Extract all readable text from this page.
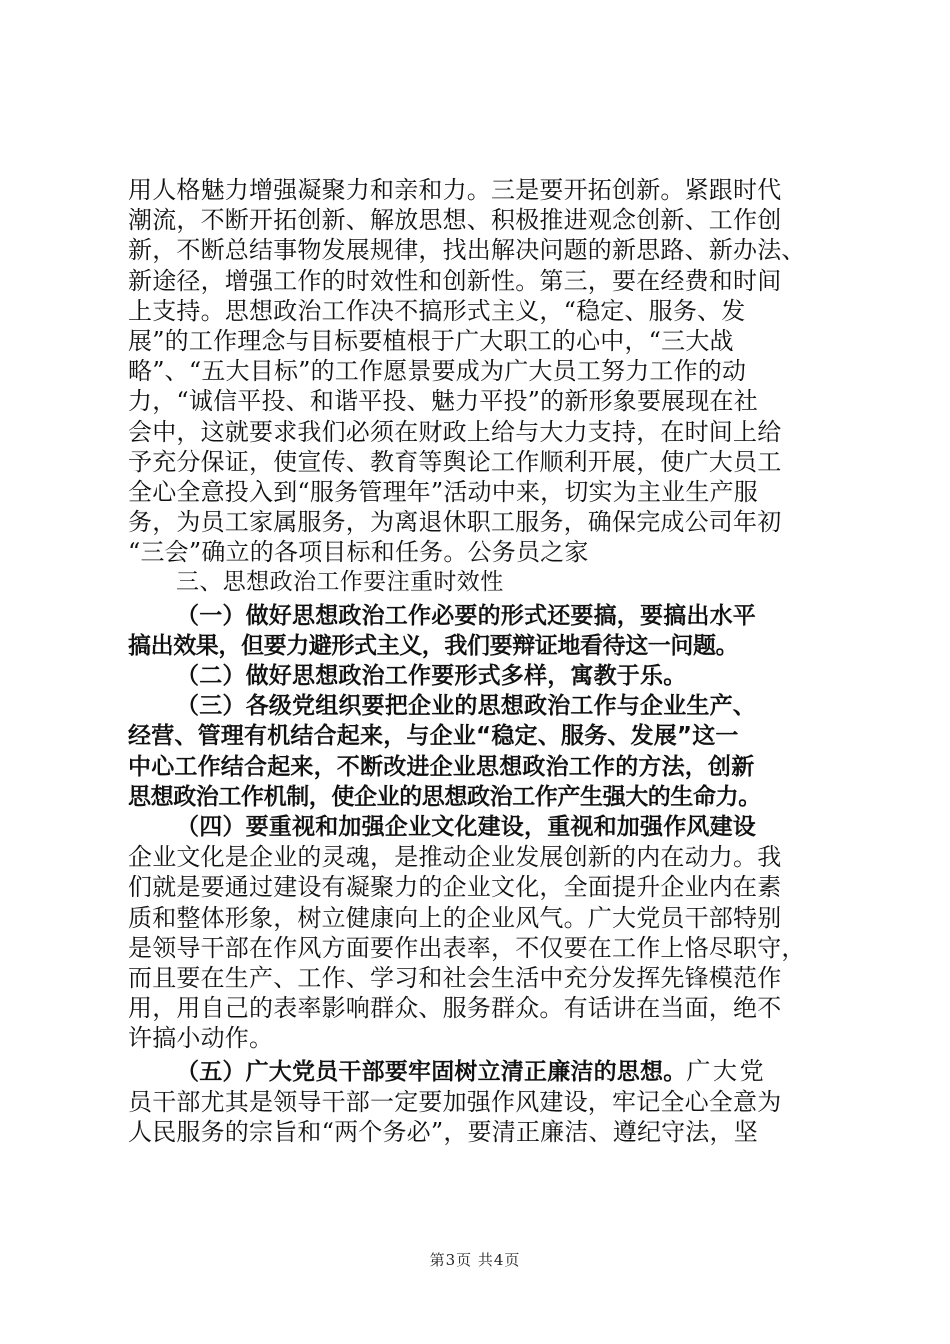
用人格魅力增强凝聚力和亲和力。三是要开拓创新。紧跟时代
潮流，不断开拓创新、解放思想、积极推进观念创新、工作创
新，不断总结事物发展规律，找出解决问题的新思路、新办法、
新途径，增强工作的时效性和创新性。第三，要在经费和时间
上支持。思想政治工作决不搞形式主义，“稳定、服务、发
展”的工作理念与目标要植根于广大职工的心中，“三大战
略”、“五大目标”的工作愿景要成为广大员工努力工作的动
力，“诚信平投、和谐平投、魅力平投”的新形象要展现在社
会中，这就要求我们必须在财政上给与大力支持，在时间上给
予充分保证，使宣传、教育等舆论工作顺利开展，使广大员工
全心全意投入到“服务管理年”活动中来，切实为主业生产服
务，为员工家属服务，为离退休职工服务，确保完成公司年初
“三会”确立的各项目标和任务。公务员之家
三、思想政治工作要注重时效性
（一）做好思想政治工作必要的形式还要搞，要搞出水平
搞出效果，但要力避形式主义，我们要辩证地看待这一问题。
（二）做好思想政治工作要形式多样，寓教于乐。
（三）各级党组织要把企业的思想政治工作与企业生产、
经营、管理有机结合起来，与企业“稳定、服务、发展”这一
中心工作结合起来，不断改进企业思想政治工作的方法，创新
思想政治工作机制，使企业的思想政治工作产生强大的生命力。
（四）要重视和加强企业文化建设，重视和加强作风建设
企业文化是企业的灵魂，是推动企业发展创新的内在动力。我
们就是要通过建设有凝聚力的企业文化，全面提升企业内在素
质和整体形象，树立健康向上的企业风气。广大党员干部特别
是领导干部在作风方面要作出表率，不仅要在工作上恪尽职守，
而且要在生产、工作、学习和社会生活中充分发挥先锋模范作
用，用自己的表率影响群众、服务群众。有话讲在当面，绝不
许搞小动作。
（五）广大党员干部要牢固树立清正廉洁的思想。广大党
员干部尤其是领导干部一定要加强作风建设，牢记全心全意为
人民服务的宗旨和“两个务必”，要清正廉洁、遵纪守法，坚
第3页 共4页
